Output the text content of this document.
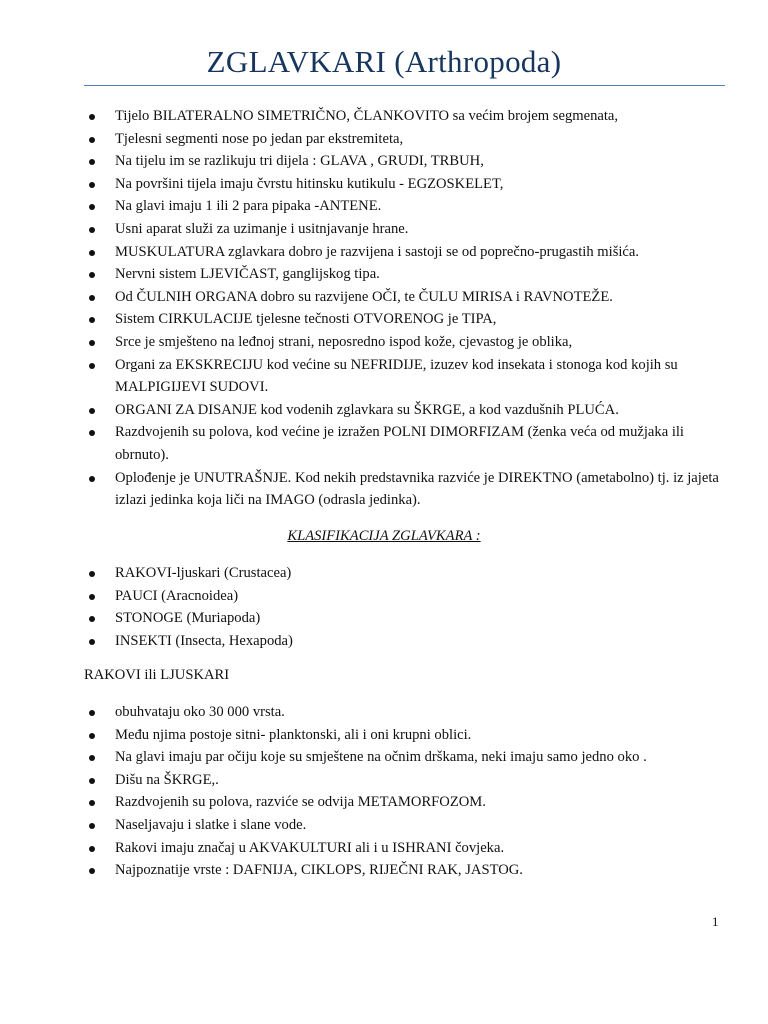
ZGLAVKARI (Arthropoda)
Tijelo BILATERALNO SIMETRIČNO, ČLANKOVITO sa većim brojem segmenata,
Tjelesni segmenti nose po jedan par ekstremiteta,
Na tijelu im se razlikuju tri dijela : GLAVA , GRUDI, TRBUH,
Na površini tijela imaju čvrstu hitinsku kutikulu - EGZOSKELET,
Na glavi imaju 1 ili 2 para pipaka -ANTENE.
Usni aparat služi za uzimanje i usitnjavanje hrane.
MUSKULATURA zglavkara dobro je razvijena i sastoji se od poprečno-prugastih mišića.
Nervni sistem LJEVIČAST, ganglijskog tipa.
Od ČULNIH ORGANA dobro su razvijene OČI, te ČULU MIRISA i RAVNOTEŽE.
Sistem CIRKULACIJE tjelesne tečnosti OTVORENOG je TIPA,
Srce je smješteno na leđnoj strani, neposredno ispod kože, cjevastog je oblika,
Organi za EKSKRECIJU kod većine su NEFRIDIJE, izuzev kod insekata i stonoga kod kojih su MALPIGIJEVI SUDOVI.
ORGANI ZA DISANJE kod vodenih zglavkara su ŠKRGE, a kod vazdušnih PLUĆA.
Razdvojenih su polova, kod većine je izražen POLNI DIMORFIZAM (ženka veća od mužjaka ili obrnuto).
Oplođenje je UNUTRAŠNJE. Kod nekih predstavnika razviće je DIREKTNO (ametabolno) tj. iz jajeta izlazi jedinka koja liči na IMAGO (odrasla jedinka).
KLASIFIKACIJA ZGLAVKARA :
RAKOVI-ljuskari (Crustacea)
PAUCI (Aracnoidea)
STONOGE (Muriapoda)
INSEKTI (Insecta, Hexapoda)
RAKOVI ili LJUSKARI
obuhvataju oko 30 000 vrsta.
Među njima postoje sitni- planktonski, ali i oni krupni oblici.
Na glavi imaju par očiju koje su smještene na očnim drškama, neki imaju samo jedno oko .
Dišu na ŠKRGE,.
Razdvojenih su polova, razviće se odvija METAMORFOZOM.
Naseljavaju i slatke i slane vode.
Rakovi imaju značaj u AKVAKULTURI ali i u ISHRANI čovjeka.
Najpoznatije vrste : DAFNIJA, CIKLOPS, RIJEČNI RAK, JASTOG.
1
